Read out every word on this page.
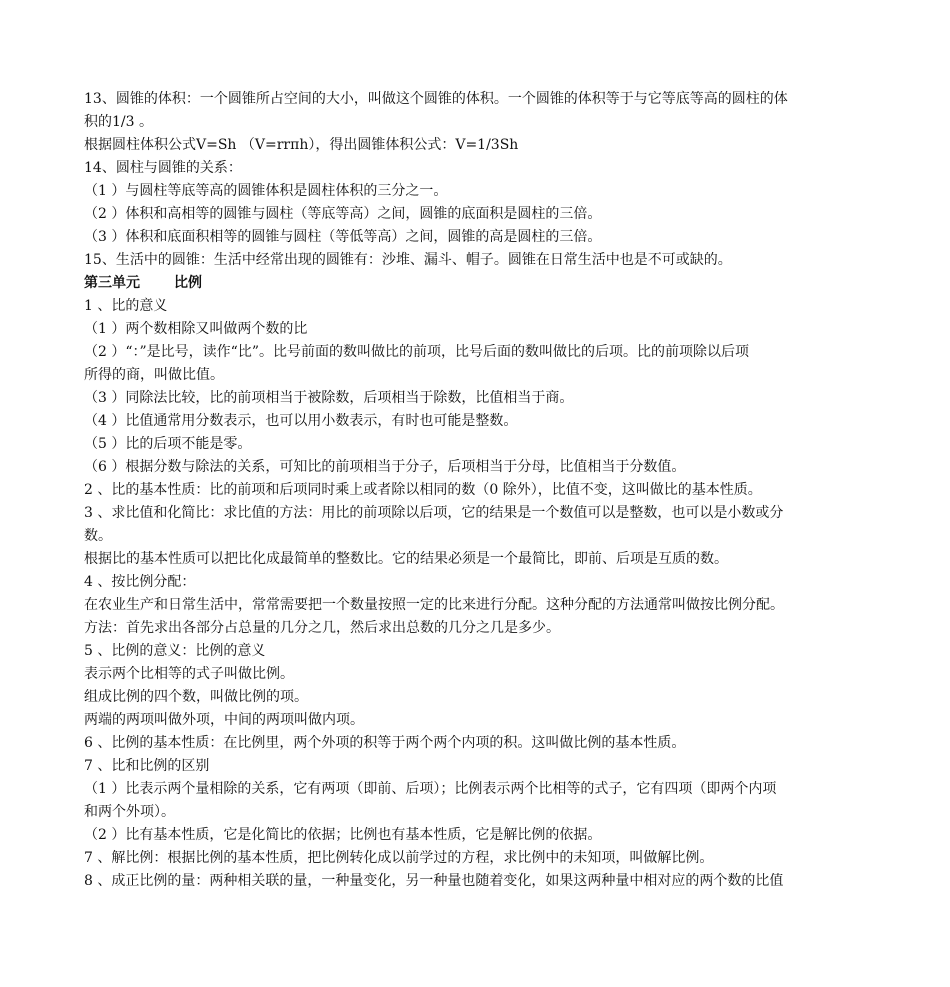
13、圆锥的体积：一个圆锥所占空间的大小，叫做这个圆锥的体积。一个圆锥的体积等于与它等底等高的圆柱的体
积的1/3 。
根据圆柱体积公式V=Sh （V=rrπh），得出圆锥体积公式：V=1/3Sh
14、圆柱与圆锥的关系：
（1 ）与圆柱等底等高的圆锥体积是圆柱体积的三分之一。
（2 ）体积和高相等的圆锥与圆柱（等底等高）之间，圆锥的底面积是圆柱的三倍。
（3 ）体积和底面积相等的圆锥与圆柱（等低等高）之间，圆锥的高是圆柱的三倍。
15、生活中的圆锥：生活中经常出现的圆锥有：沙堆、漏斗、帽子。圆锥在日常生活中也是不可或缺的。
第三单元 比例
1 、比的意义
（1 ）两个数相除又叫做两个数的比
（2 ）“：”是比号，读作“比”。比号前面的数叫做比的前项，比号后面的数叫做比的后项。比的前项除以后项
所得的商，叫做比值。
（3 ）同除法比较，比的前项相当于被除数，后项相当于除数，比值相当于商。
（4 ）比值通常用分数表示，也可以用小数表示，有时也可能是整数。
（5 ）比的后项不能是零。
（6 ）根据分数与除法的关系，可知比的前项相当于分子，后项相当于分母，比值相当于分数值。
2 、比的基本性质：比的前项和后项同时乘上或者除以相同的数（0 除外），比值不变，这叫做比的基本性质。
3 、求比值和化简比：求比值的方法：用比的前项除以后项，它的结果是一个数值可以是整数，也可以是小数或分
数。
根据比的基本性质可以把比化成最简单的整数比。它的结果必须是一个最简比，即前、后项是互质的数。
4 、按比例分配：
在农业生产和日常生活中，常常需要把一个数量按照一定的比来进行分配。这种分配的方法通常叫做按比例分配。
方法：首先求出各部分占总量的几分之几，然后求出总数的几分之几是多少。
5 、比例的意义：比例的意义
表示两个比相等的式子叫做比例。
组成比例的四个数，叫做比例的项。
两端的两项叫做外项，中间的两项叫做内项。
6 、比例的基本性质：在比例里，两个外项的积等于两个两个内项的积。这叫做比例的基本性质。
7 、比和比例的区别
（1 ）比表示两个量相除的关系，它有两项（即前、后项）；比例表示两个比相等的式子，它有四项（即两个内项
和两个外项）。
（2 ）比有基本性质，它是化简比的依据；比例也有基本性质，它是解比例的依据。
7 、解比例：根据比例的基本性质，把比例转化成以前学过的方程，求比例中的未知项，叫做解比例。
8 、成正比例的量：两种相关联的量，一种量变化，另一种量也随着变化，如果这两种量中相对应的两个数的比值
